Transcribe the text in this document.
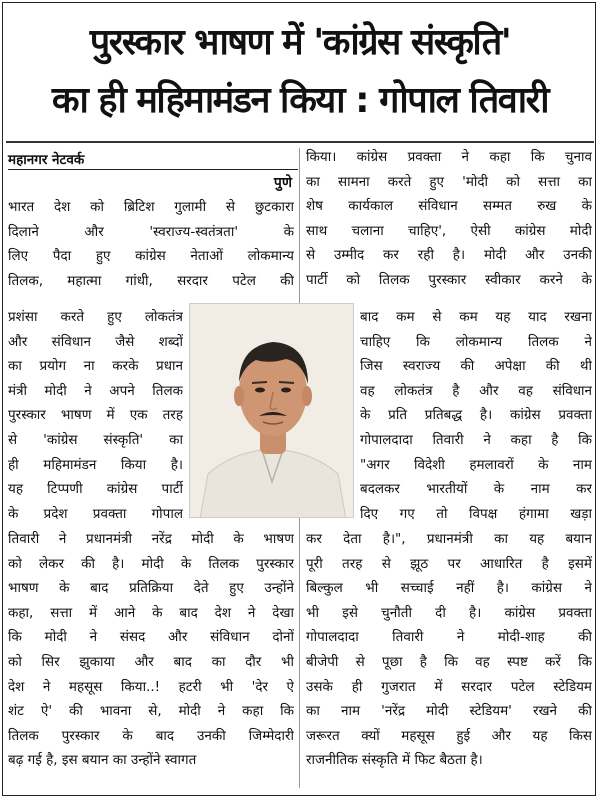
पुरस्कार भाषण में 'कांग्रेस संस्कृति'
का ही महिमामंडन किया : गोपाल तिवारी
महानगर नेटवर्क
पुणे

भारत देश को ब्रिटिश गुलामी से छुटकारा

दिलाने और 'स्वराज्य-स्वतंत्रता' के

लिए पैदा हुए कांग्रेस नेताओं लोकमान्य

तिलक, महात्मा गांधी, सरदार पटेल की

प्रशंसा करते हुए लोकतंत्र

और संविधान जैसे शब्दों

का प्रयोग ना करके प्रधान

मंत्री मोदी ने अपने तिलक

पुरस्कार भाषण में एक तरह

से 'कांग्रेस संस्कृति' का

ही महिमामंडन किया है।

यह टिप्पणी कांग्रेस पार्टी

के प्रदेश प्रवक्ता गोपाल

तिवारी ने प्रधानमंत्री नरेंद्र मोदी के भाषण

को लेकर की है। मोदी के तिलक पुरस्कार

भाषण के बाद प्रतिक्रिया देते हुए उन्होंने

कहा, सत्ता में आने के बाद देश ने देखा

कि मोदी ने संसद और संविधान दोनों

को सिर झुकाया और बाद का दौर भी

देश ने महसूस किया..! हटरी भी 'देर ऐ

शंट ऐ' की भावना से, मोदी ने कहा कि

तिलक पुरस्कार के बाद उनकी जिम्मेदारी

बढ़ गई है, इस बयान का उन्होंने स्वागत

किया। कांग्रेस प्रवक्ता ने कहा कि चुनाव

का सामना करते हुए 'मोदी को सत्ता का

शेष कार्यकाल संविधान सम्मत रुख के

साथ चलाना चाहिए', ऐसी कांग्रेस मोदी

से उम्मीद कर रही है। मोदी और उनकी

पार्टी को तिलक पुरस्कार स्वीकार करने के

बाद कम से कम यह याद रखना

चाहिए कि लोकमान्य तिलक ने

जिस स्वराज्य की अपेक्षा की थी

वह लोकतंत्र है और वह संविधान

के प्रति प्रतिबद्ध है। कांग्रेस प्रवक्ता

गोपालदादा तिवारी ने कहा है कि

"अगर विदेशी हमलावरों के नाम

बदलकर भारतीयों के नाम कर

दिए गए तो विपक्ष हंगामा खड़ा

कर देता है।", प्रधानमंत्री का यह बयान

पूरी तरह से झूठ पर आधारित है इसमें

बिल्कुल भी सच्चाई नहीं है। कांग्रेस ने

भी इसे चुनौती दी है। कांग्रेस प्रवक्ता

गोपालदादा तिवारी ने मोदी-शाह की

बीजेपी से पूछा है कि वह स्पष्ट करें कि

उसके ही गुजरात में सरदार पटेल स्टेडियम

का नाम 'नरेंद्र मोदी स्टेडियम' रखने की

जरूरत क्यों महसूस हुई और यह किस

राजनीतिक संस्कृति में फिट बैठता है।
